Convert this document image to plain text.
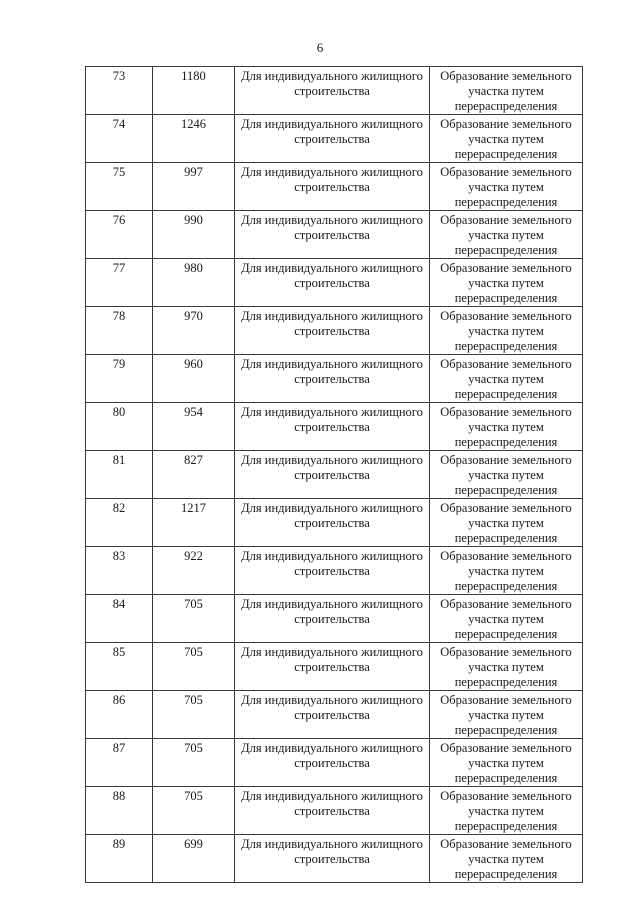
6
73	1180	Для индивидуального жилищного строительства	Образование земельного участка путем перераспределения
74	1246	Для индивидуального жилищного строительства	Образование земельного участка путем перераспределения
75	997	Для индивидуального жилищного строительства	Образование земельного участка путем перераспределения
76	990	Для индивидуального жилищного строительства	Образование земельного участка путем перераспределения
77	980	Для индивидуального жилищного строительства	Образование земельного участка путем перераспределения
78	970	Для индивидуального жилищного строительства	Образование земельного участка путем перераспределения
79	960	Для индивидуального жилищного строительства	Образование земельного участка путем перераспределения
80	954	Для индивидуального жилищного строительства	Образование земельного участка путем перераспределения
81	827	Для индивидуального жилищного строительства	Образование земельного участка путем перераспределения
82	1217	Для индивидуального жилищного строительства	Образование земельного участка путем перераспределения
83	922	Для индивидуального жилищного строительства	Образование земельного участка путем перераспределения
84	705	Для индивидуального жилищного строительства	Образование земельного участка путем перераспределения
85	705	Для индивидуального жилищного строительства	Образование земельного участка путем перераспределения
86	705	Для индивидуального жилищного строительства	Образование земельного участка путем перераспределения
87	705	Для индивидуального жилищного строительства	Образование земельного участка путем перераспределения
88	705	Для индивидуального жилищного строительства	Образование земельного участка путем перераспределения
89	699	Для индивидуального жилищного строительства	Образование земельного участка путем перераспределения
